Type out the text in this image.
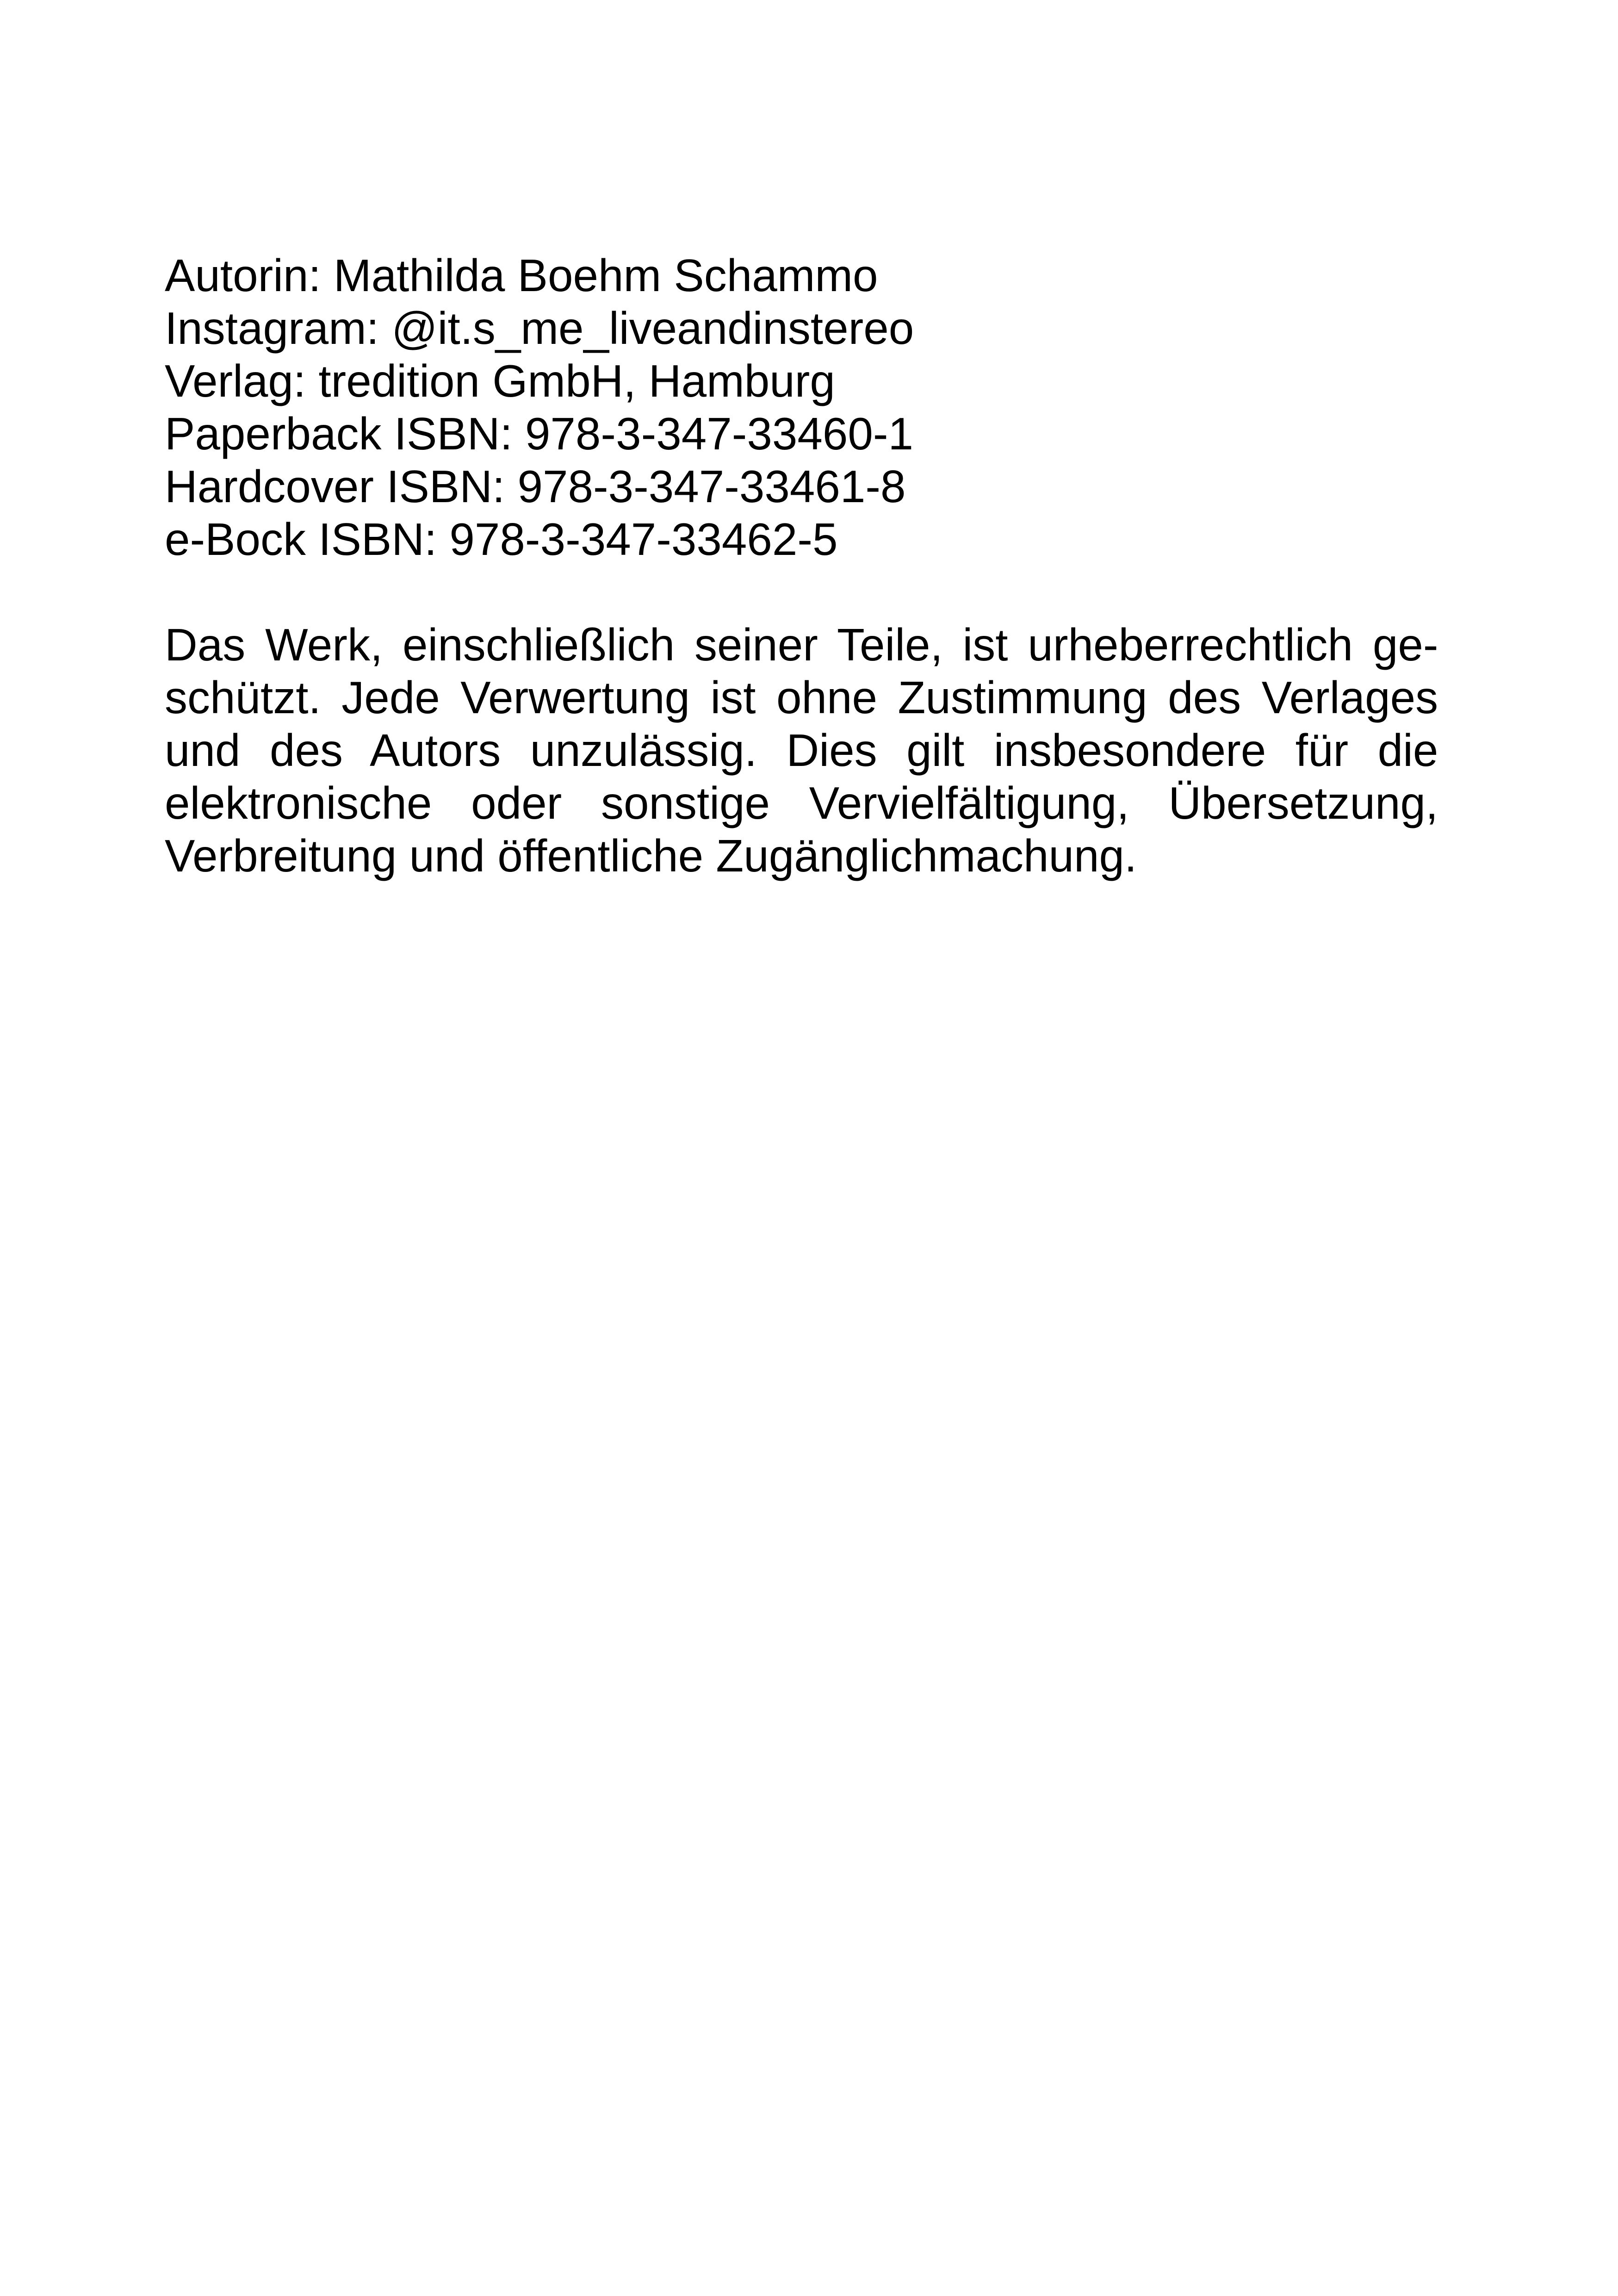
Autorin: Mathilda Boehm Schammo
Instagram: @it.s_me_liveandinstereo
Verlag: tredition GmbH, Hamburg
Paperback ISBN: 978-3-347-33460-1
Hardcover ISBN: 978-3-347-33461-8
e-Bock ISBN: 978-3-347-33462-5
Das Werk, einschließlich seiner Teile, ist urheberrechtlich ge-
schützt. Jede Verwertung ist ohne Zustimmung des Verlages
und des Autors unzulässig. Dies gilt insbesondere für die
elektronische oder sonstige Vervielfältigung, Übersetzung,
Verbreitung und öffentliche Zugänglichmachung.
